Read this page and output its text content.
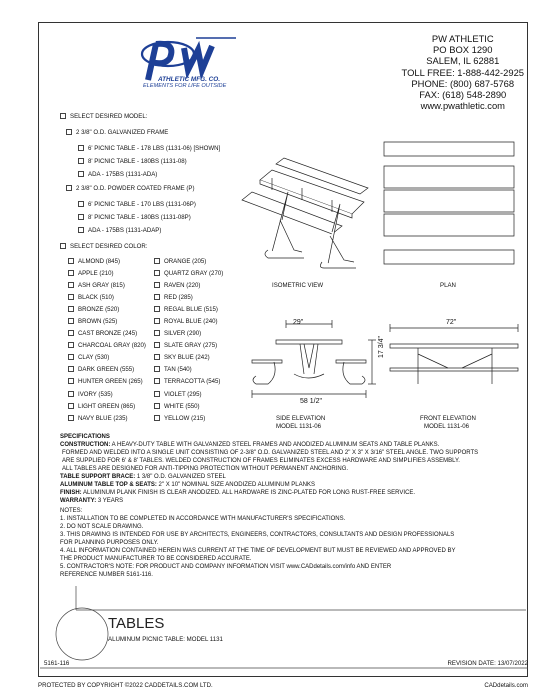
ATHLETIC MFG. CO.
ELEMENTS FOR LIFE OUTSIDE
PW ATHLETIC
PO BOX 1290
SALEM, IL 62881
TOLL FREE: 1-888-442-2925
PHONE: (800) 687-5768
FAX: (618) 548-2890
www.pwathletic.com
SELECT DESIRED MODEL:
2 3/8" O.D. GALVANIZED FRAME
6' PICNIC TABLE - 178 LBS (1131-06) [SHOWN]
8' PICNIC TABLE - 180BS (1131-08)
ADA - 175BS (1131-ADA)
2 3/8" O.D. POWDER COATED FRAME (P)
6' PICNIC TABLE - 170 LBS (1131-06P)
8' PICNIC TABLE - 180BS (1131-08P)
ADA - 175BS (1131-ADAP)
SELECT DESIRED COLOR:
ALMOND (845)
APPLE (210)
ASH GRAY (815)
BLACK (510)
BRONZE (520)
BROWN (525)
CAST BRONZE (245)
CHARCOAL GRAY (820)
CLAY (530)
DARK GREEN (555)
HUNTER GREEN (265)
IVORY (535)
LIGHT GREEN (865)
NAVY BLUE (235)
ORANGE (205)
QUARTZ GRAY (270)
RAVEN (220)
RED (285)
REGAL BLUE (515)
ROYAL BLUE (240)
SILVER (290)
SLATE GRAY (275)
SKY BLUE (242)
TAN (540)
TERRACOTTA (545)
VIOLET (295)
WHITE (550)
YELLOW (215)
ISOMETRIC VIEW	PLAN
29"
17 3/4"
58 1/2"
SIDE ELEVATION
MODEL 1131-06
72"
FRONT ELEVATION
MODEL 1131-06
SPECIFICATIONS
CONSTRUCTION: A HEAVY-DUTY TABLE WITH GALVANIZED STEEL FRAMES AND ANODIZED ALUMINUM SEATS AND TABLE PLANKS.
FORMED AND WELDED INTO A SINGLE UNIT CONSISTING OF 2-3/8" O.D. GALVANIZED STEEL AND 2" X 3" X 3/16" STEEL ANGLE. TWO SUPPORTS
ARE SUPPLIED FOR 6' & 8' TABLES. WELDED CONSTRUCTION OF FRAMES ELIMINATES EXCESS HARDWARE AND SIMPLIFIES ASSEMBLY.
ALL TABLES ARE DESIGNED FOR ANTI-TIPPING PROTECTION WITHOUT PERMANENT ANCHORING.
TABLE SUPPORT BRACE: 1 3/8" O.D. GALVANIZED STEEL
ALUMINUM TABLE TOP & SEATS: 2" X 10" NOMINAL SIZE ANODIZED ALUMINUM PLANKS
FINISH: ALUMINUM PLANK FINISH IS CLEAR ANODIZED. ALL HARDWARE IS ZINC-PLATED FOR LONG RUST-FREE SERVICE.
WARRANTY: 3 YEARS
NOTES:
1. INSTALLATION TO BE COMPLETED IN ACCORDANCE WITH MANUFACTURER'S SPECIFICATIONS.
2. DO NOT SCALE DRAWING.
3. THIS DRAWING IS INTENDED FOR USE BY ARCHITECTS, ENGINEERS, CONTRACTORS, CONSULTANTS AND DESIGN PROFESSIONALS
FOR PLANNING PURPOSES ONLY.
4. ALL INFORMATION CONTAINED HEREIN WAS CURRENT AT THE TIME OF DEVELOPMENT BUT MUST BE REVIEWED AND APPROVED BY
THE PRODUCT MANUFACTURER TO BE CONSIDERED ACCURATE.
5. CONTRACTOR'S NOTE: FOR PRODUCT AND COMPANY INFORMATION VISIT www.CADdetails.com/info AND ENTER
REFERENCE NUMBER 5161-116.
TABLES
ALUMINUM PICNIC TABLE: MODEL 1131
5161-116	REVISION DATE: 13/07/2022
PROTECTED BY COPYRIGHT ©2022 CADDETAILS.COM LTD.	CADdetails.com
